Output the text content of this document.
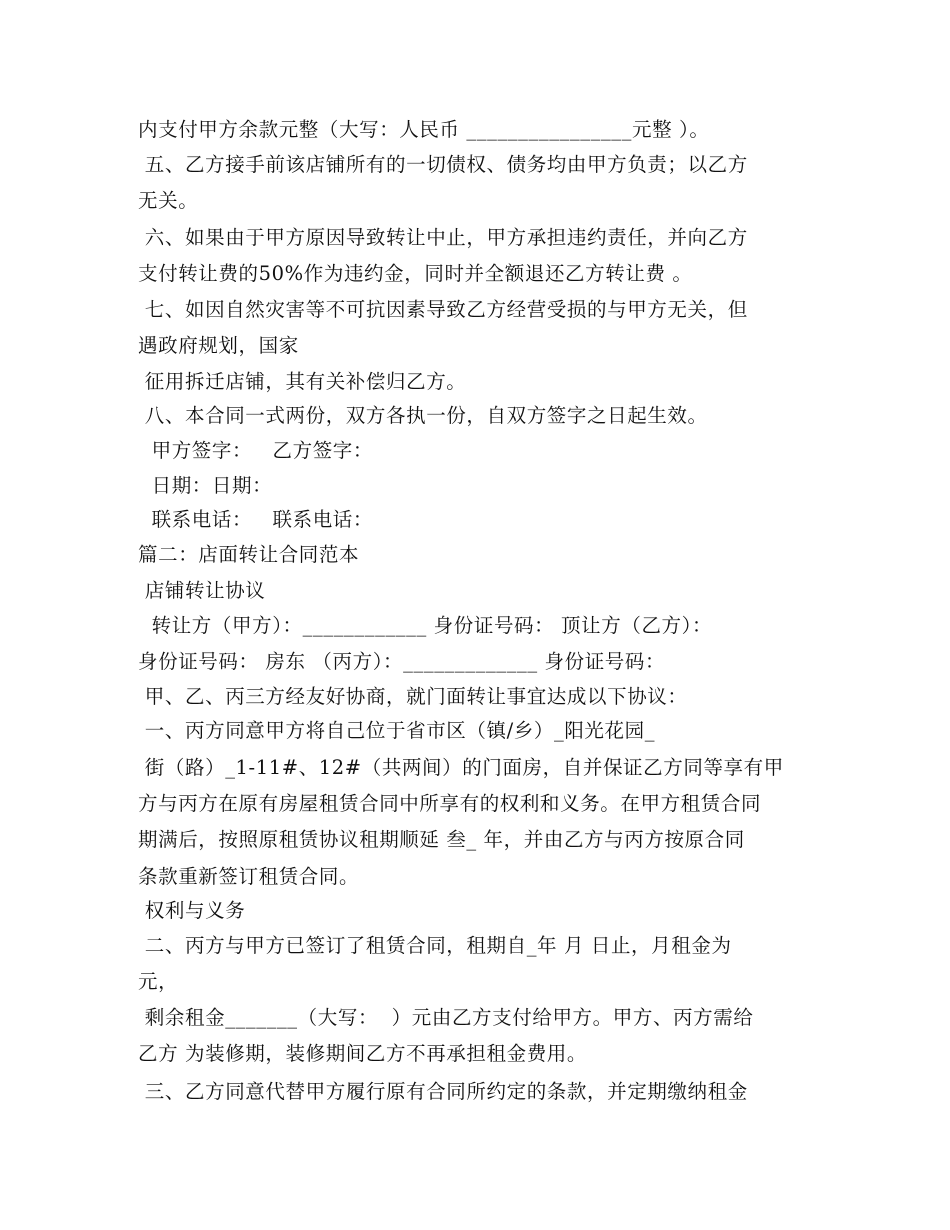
内支付甲方余款元整（大写：人民币 ________________元整 ）。
五、乙方接手前该店铺所有的一切债权、债务均由甲方负责；以乙方
无关。
六、如果由于甲方原因导致转让中止，甲方承担违约责任，并向乙方
支付转让费的50%作为违约金，同时并全额退还乙方转让费 。
七、如因自然灾害等不可抗因素导致乙方经营受损的与甲方无关，但
遇政府规划，国家
征用拆迁店铺，其有关补偿归乙方。
八、本合同一式两份，双方各执一份，自双方签字之日起生效。
甲方签字：   乙方签字：
日期：日期：
联系电话：   联系电话：
篇二：店面转让合同范本
店铺转让协议
转让方（甲方）：____________ 身份证号码： 顶让方（乙方）：
身份证号码： 房东 （丙方）：_____________ 身份证号码：
甲、乙、丙三方经友好协商，就门面转让事宜达成以下协议：
一、丙方同意甲方将自己位于省市区（镇/乡）_阳光花园_
街（路）_1-11#、12#（共两间）的门面房，自并保证乙方同等享有甲
方与丙方在原有房屋租赁合同中所享有的权利和义务。在甲方租赁合同
期满后，按照原租赁协议租期顺延 叁_ 年，并由乙方与丙方按原合同
条款重新签订租赁合同。
权利与义务
二、丙方与甲方已签订了租赁合同，租期自_年 月 日止，月租金为
元，
剩余租金_______（大写：  ）元由乙方支付给甲方。甲方、丙方需给
乙方 为装修期，装修期间乙方不再承担租金费用。
三、乙方同意代替甲方履行原有合同所约定的条款，并定期缴纳租金
